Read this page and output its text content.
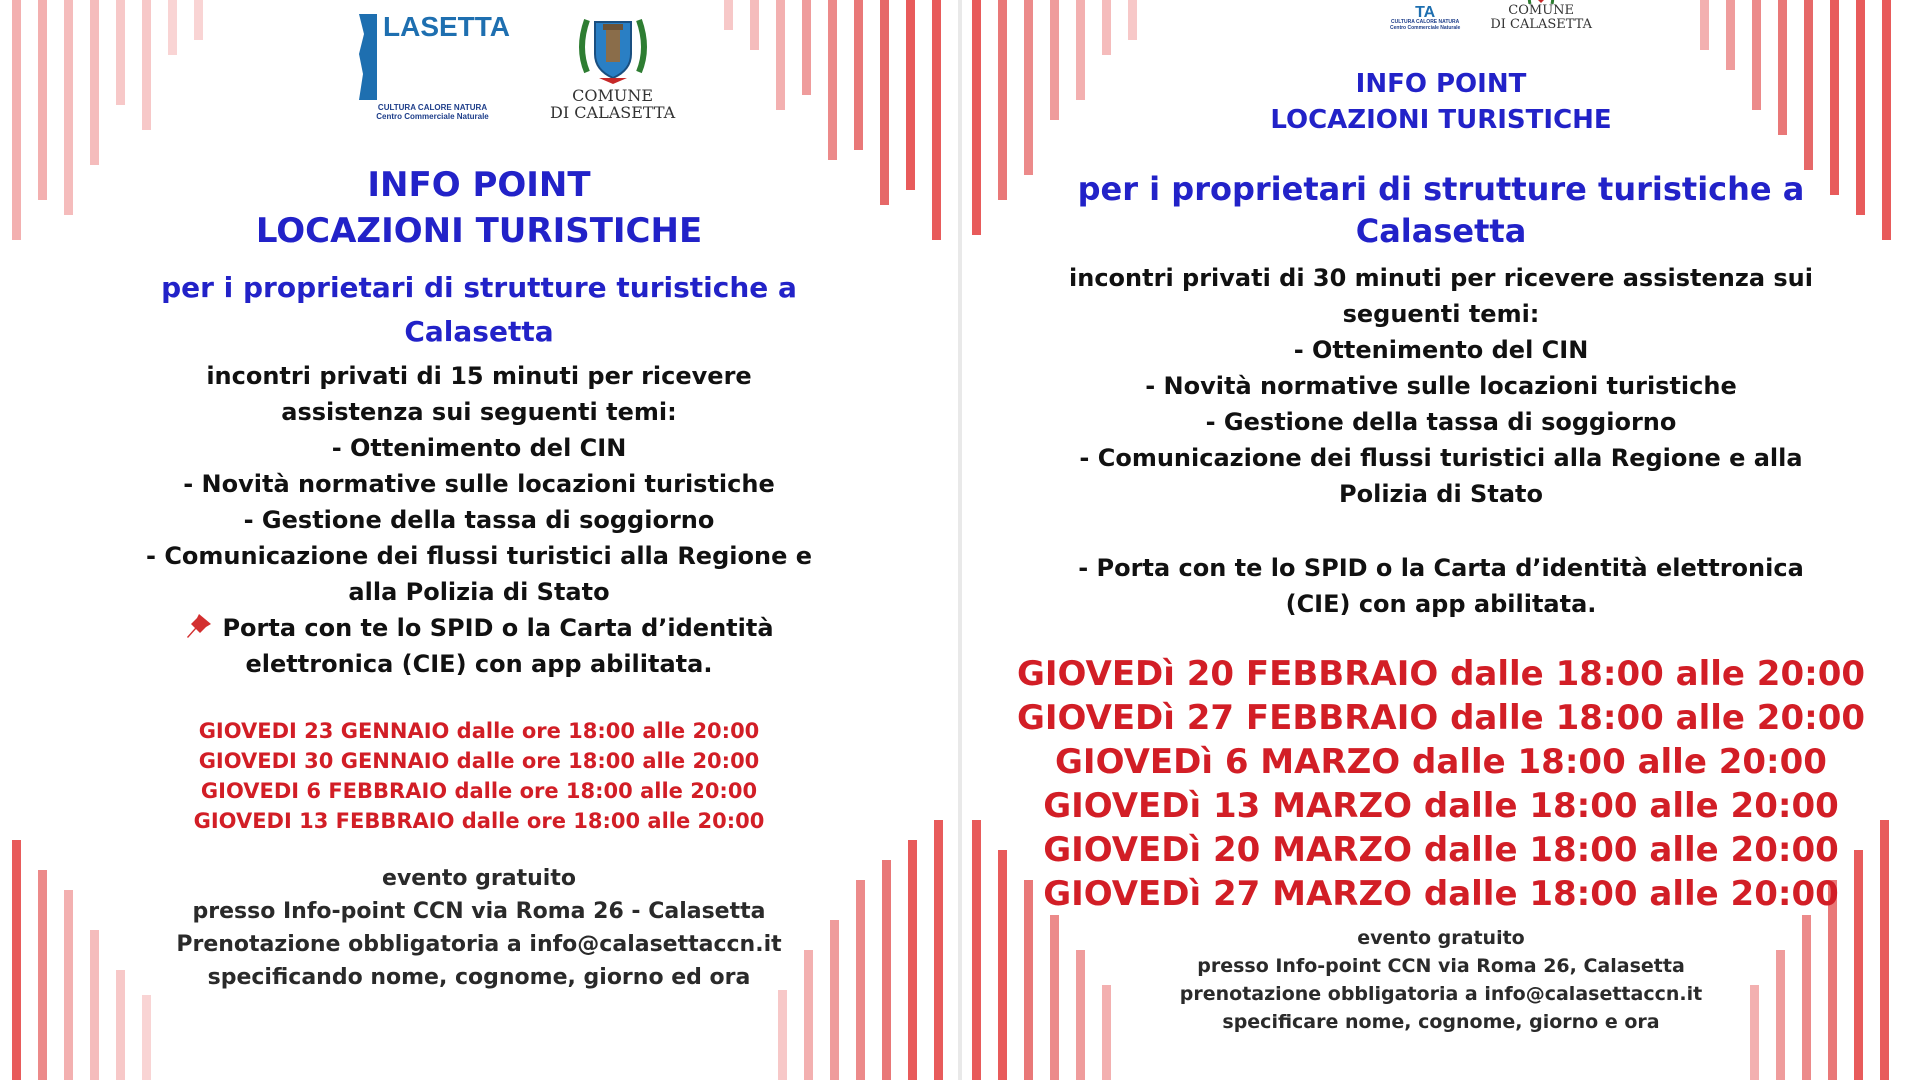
LASETTA
CULTURA CALORE NATURA
Centro Commerciale Naturale
COMUNE
DI CALASETTA
INFO POINT
LOCAZIONI TURISTICHE
per i proprietari di strutture turistiche a
Calasetta
incontri privati di 15 minuti per ricevere
assistenza sui seguenti temi:
- Ottenimento del CIN
- Novità normative sulle locazioni turistiche
- Gestione della tassa di soggiorno
- Comunicazione dei flussi turistici alla Regione e
alla Polizia di Stato
Porta con te lo SPID o la Carta d’identità
elettronica (CIE) con app abilitata.
GIOVEDI 23 GENNAIO dalle ore 18:00 alle 20:00
GIOVEDI 30 GENNAIO dalle ore 18:00 alle 20:00
GIOVEDI 6 FEBBRAIO dalle ore 18:00 alle 20:00
GIOVEDI 13 FEBBRAIO dalle ore 18:00 alle 20:00
evento gratuito
presso Info-point CCN via Roma 26 - Calasetta
Prenotazione obbligatoria a info@calasettaccn.it
specificando nome, cognome, giorno ed ora
TA
CULTURA CALORE NATURA
Centro Commerciale Naturale
COMUNE
DI CALASETTA
INFO POINT
LOCAZIONI TURISTICHE
per i proprietari di strutture turistiche a
Calasetta
incontri privati di 30 minuti per ricevere assistenza sui
seguenti temi:
- Ottenimento del CIN
- Novità normative sulle locazioni turistiche
- Gestione della tassa di soggiorno
- Comunicazione dei flussi turistici alla Regione e alla
Polizia di Stato
- Porta con te lo SPID o la Carta d’identità elettronica
(CIE) con app abilitata.
GIOVEDì 20 FEBBRAIO dalle 18:00 alle 20:00
GIOVEDì 27 FEBBRAIO dalle 18:00 alle 20:00
GIOVEDì 6 MARZO dalle 18:00 alle 20:00
GIOVEDì 13 MARZO dalle 18:00 alle 20:00
GIOVEDì 20 MARZO dalle 18:00 alle 20:00
GIOVEDì 27 MARZO dalle 18:00 alle 20:00
evento gratuito
presso Info-point CCN via Roma 26, Calasetta
prenotazione obbligatoria a info@calasettaccn.it
specificare nome, cognome, giorno e ora
